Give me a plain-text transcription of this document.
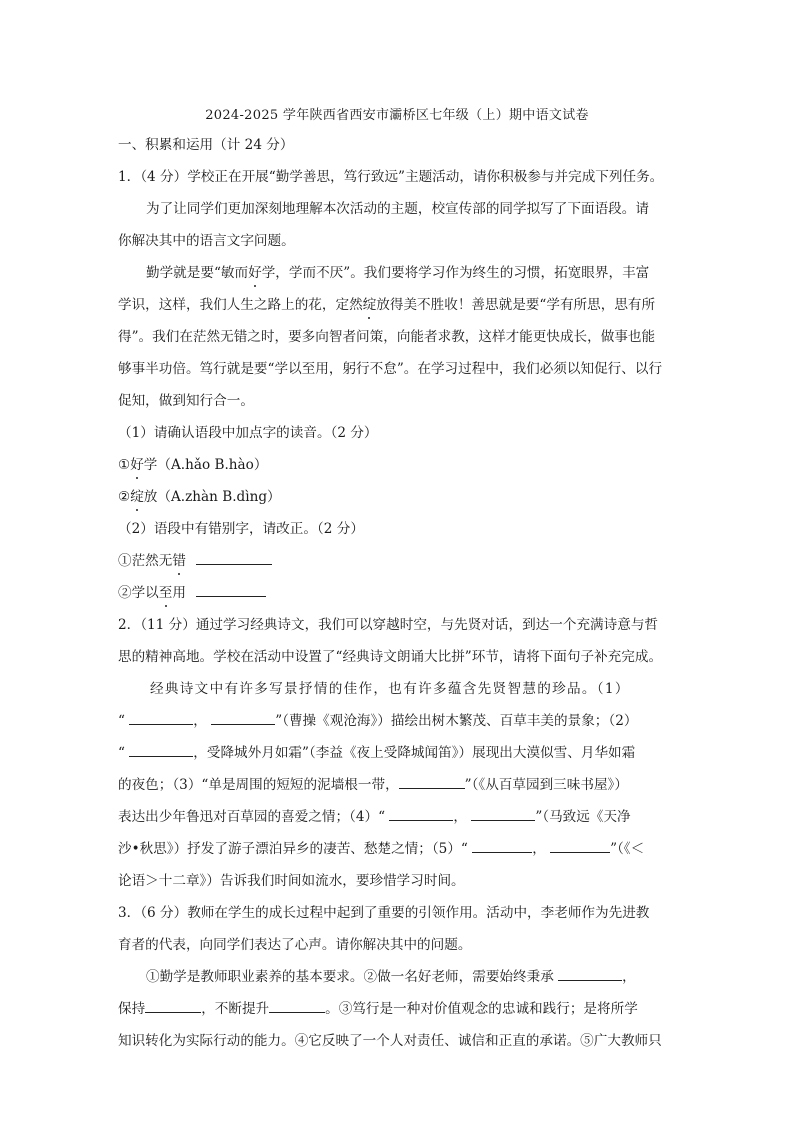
2024-2025 学年陕西省西安市灞桥区七年级（上）期中语文试卷
一、积累和运用（计 24 分）
1．（4 分）学校正在开展“勤学善思，笃行致远”主题活动，请你积极参与并完成下列任务。
为了让同学们更加深刻地理解本次活动的主题，校宣传部的同学拟写了下面语段。请
你解决其中的语言文字问题。
勤学就是要“敏而好学，学而不厌”。我们要将学习作为终生的习惯，拓宽眼界，丰富
学识，这样，我们人生之路上的花，定然绽放得美不胜收！善思就是要“学有所思，思有所
得”。我们在茫然无错之时，要多向智者问策，向能者求教，这样才能更快成长，做事也能
够事半功倍。笃行就是要“学以至用，躬行不怠”。在学习过程中，我们必须以知促行、以行
促知，做到知行合一。
（1）请确认语段中加点字的读音。（2 分）
①好学（A.hǎo B.hào）
②绽放（A.zhàn B.dìng）
（2）语段中有错别字，请改正。（2 分）
①茫然无错
②学以至用
2．（11 分）通过学习经典诗文，我们可以穿越时空，与先贤对话，到达一个充满诗意与哲
思的精神高地。学校在活动中设置了“经典诗文朗诵大比拼”环节，请将下面句子补充完成。
经典诗文中有许多写景抒情的佳作，也有许多蕴含先贤智慧的珍品。（1）
“	，	”（曹操《观沧海》）描绘出树木繁茂、百草丰美的景象；（2）
“	，受降城外月如霜”（李益《夜上受降城闻笛》）展现出大漠似雪、月华如霜
的夜色；（3）“单是周围的短短的泥墙根一带，	”（《从百草园到三味书屋》）
表达出少年鲁迅对百草园的喜爱之情；（4）“	，	”（马致远《天净
沙•秋思》）抒发了游子漂泊异乡的凄苦、愁楚之情；（5）“	，	”（《＜
论语＞十二章》）告诉我们时间如流水，要珍惜学习时间。
3．（6 分）教师在学生的成长过程中起到了重要的引领作用。活动中，李老师作为先进教
育者的代表，向同学们表达了心声。请你解决其中的问题。
①勤学是教师职业素养的基本要求。②做一名好老师，需要始终秉承	，
保持	，不断提升	。③笃行是一种对价值观念的忠诚和践行；是将所学
知识转化为实际行动的能力。④它反映了一个人对责任、诚信和正直的承诺。⑤广大教师只
